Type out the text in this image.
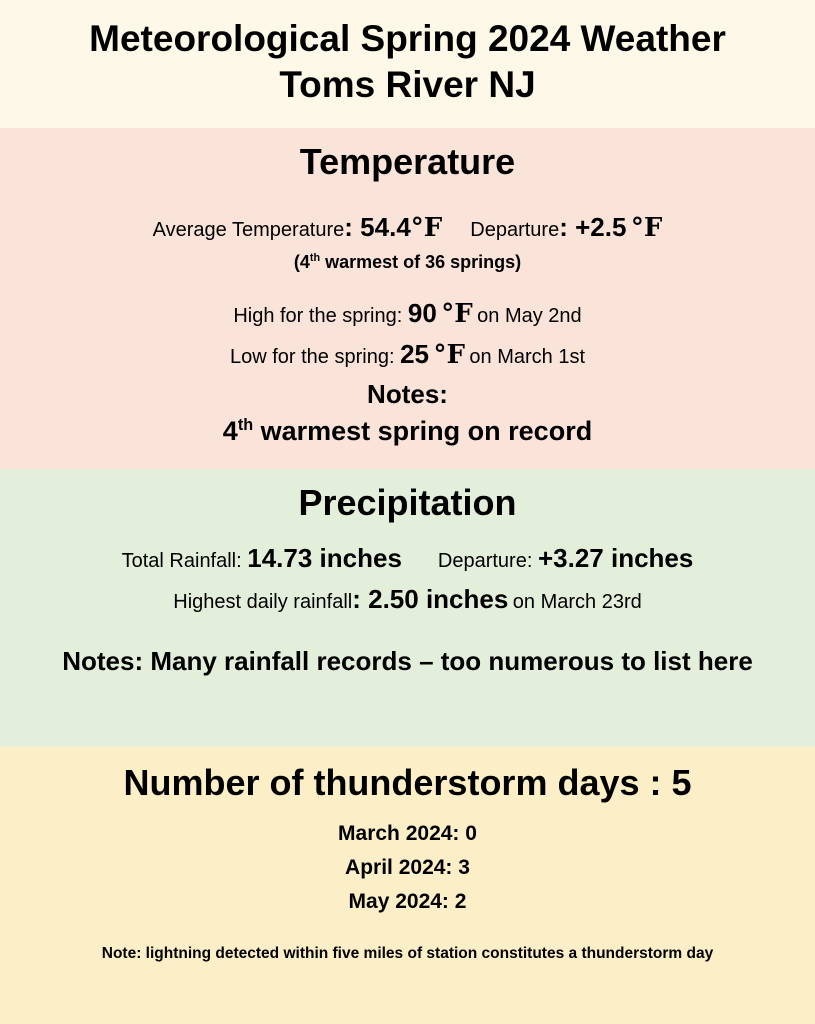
Meteorological Spring 2024 Weather
Toms River NJ
Temperature
Average Temperature: 54.4°F Departure: +2.5 °F
(4th warmest of 36 springs)
High for the spring: 90 °F on May 2nd
Low for the spring: 25 °F on March 1st
Notes:
4th warmest spring on record
Precipitation
Total Rainfall: 14.73 inches Departure: +3.27 inches
Highest daily rainfall: 2.50 inches on March 23rd
Notes: Many rainfall records – too numerous to list here
Number of thunderstorm days : 5
March 2024: 0
April 2024: 3
May 2024: 2
Note: lightning detected within five miles of station constitutes a thunderstorm day
